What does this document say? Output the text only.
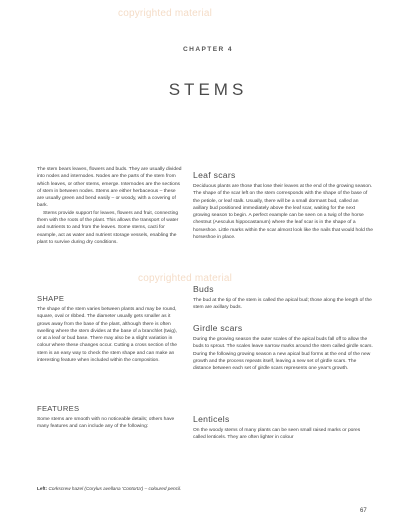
copyrighted material
copyrighted material
CHAPTER 4
STEMS

The stem bears leaves, flowers and buds. They are usually divided into nodes and internodes. Nodes are the parts of the stem from which leaves, or other stems, emerge. Internodes are the sections of stem in between nodes. Stems are either herbaceous – these are usually green and bend easily – or woody, with a covering of bark.

Stems provide support for leaves, flowers and fruit, connecting them with the roots of the plant. This allows the transport of water and nutrients to and from the leaves. Some stems, cacti for example, act as water and nutrient storage vessels, enabling the plant to survive during dry conditions.

SHAPE

The shape of the stem varies between plants and may be round, square, oval or ribbed. The diameter usually gets smaller as it grows away from the base of the plant, although there is often swelling where the stem divides at the base of a branchlet (twig), or at a leaf or bud base. There may also be a slight variation in colour where these changes occur. Cutting a cross section of the stem is an easy way to check the stem shape and can make an interesting feature when included within the composition.

FEATURES

Some stems are smooth with no noticeable details; others have many features and can include any of the following:

Leaf scars

Deciduous plants are those that lose their leaves at the end of the growing season. The shape of the scar left on the stem corresponds with the shape of the base of the petiole, or leaf stalk. Usually, there will be a small dormant bud, called an axillary bud positioned immediately above the leaf scar, waiting for the next growing season to begin. A perfect example can be seen on a twig of the horse chestnut (Aesculus hippocastanum) where the leaf scar is in the shape of a horseshoe. Little marks within the scar almost look like the nails that would hold the horseshoe in place.

Buds

The bud at the tip of the stem is called the apical bud; those along the length of the stem are axillary buds.

Girdle scars

During the growing season the outer scales of the apical buds fall off to allow the buds to sprout. The scales leave narrow marks around the stem called girdle scars. During the following growing season a new apical bud forms at the end of the new growth and the process repeats itself, leaving a new set of girdle scars. The distance between each set of girdle scars represents one year's growth.

Lenticels

On the woody stems of many plants can be seen small raised marks or pores called lenticels. They are often lighter in colour

Left: Corkscrew hazel (Corylus avellana 'Contorta') – coloured pencil.
67
